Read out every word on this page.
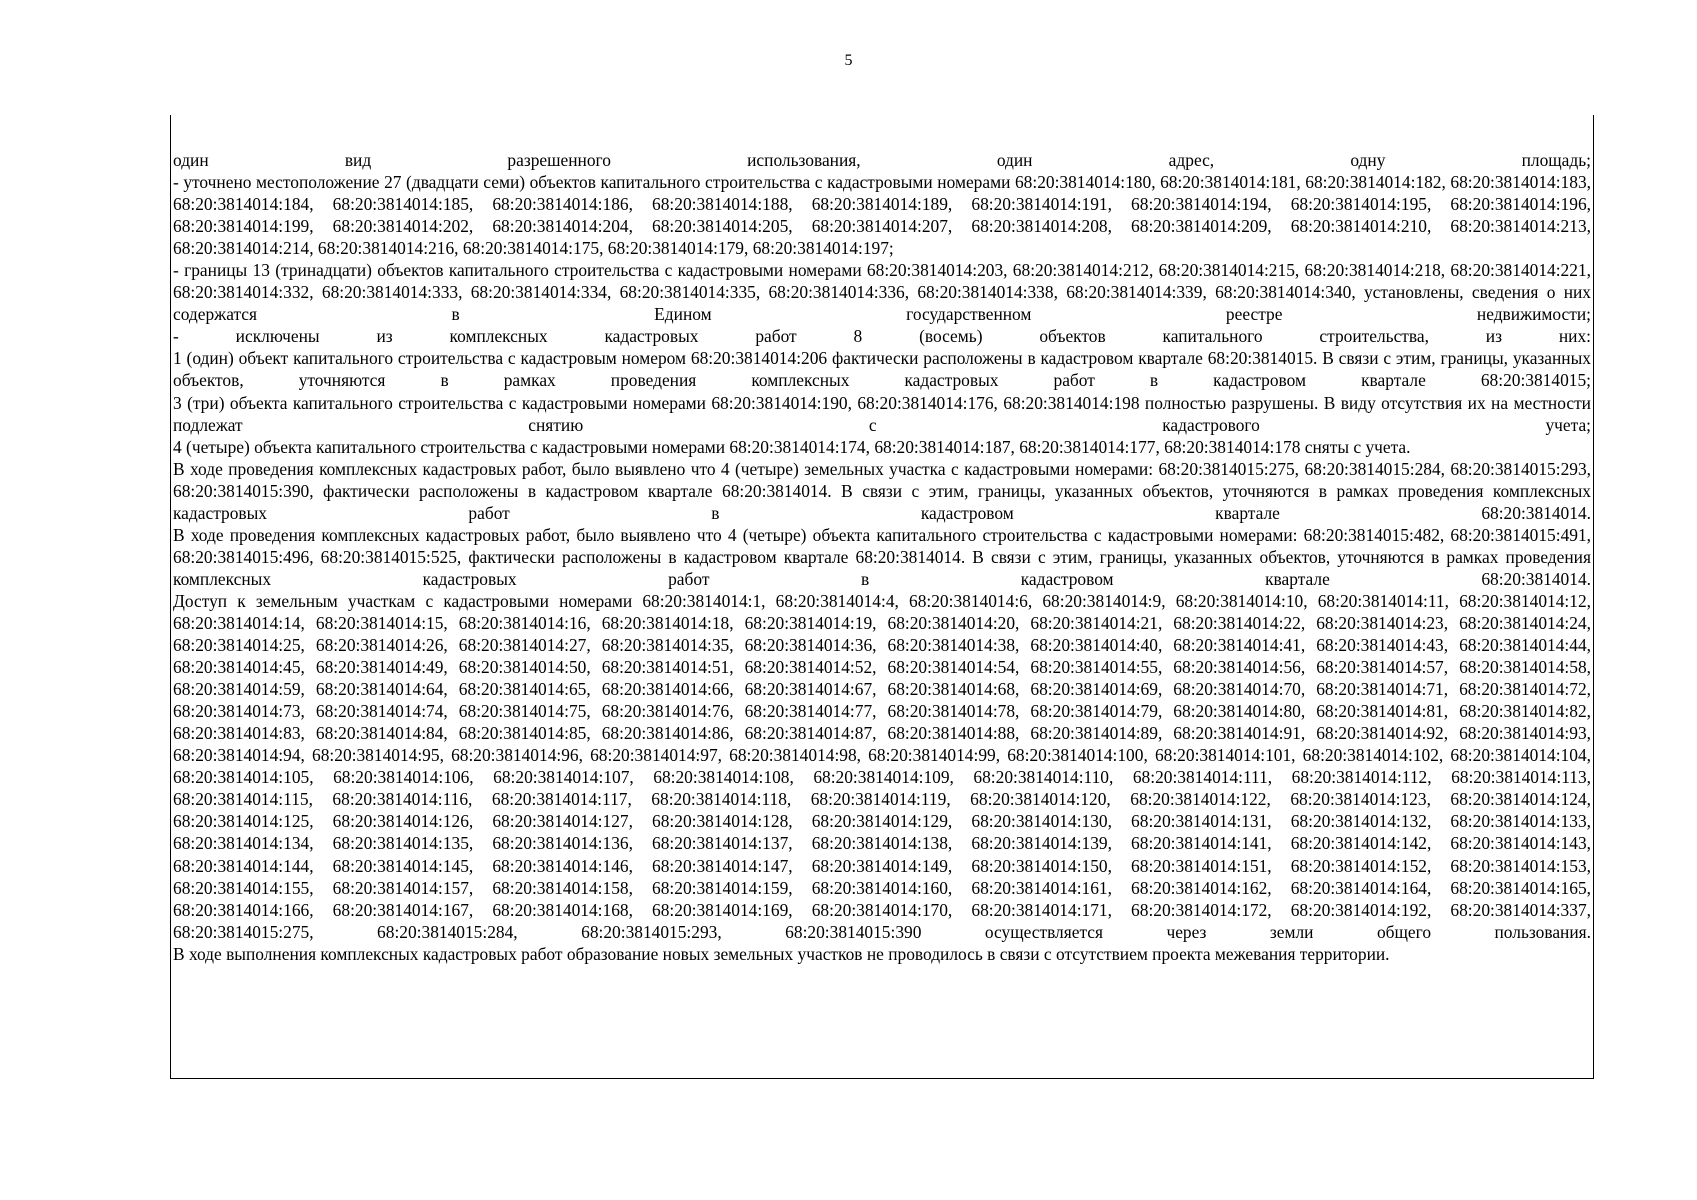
5

один вид разрешенного использования, один адрес, одну площадь;

- уточнено местоположение 27 (двадцати семи) объектов капитального строительства с кадастровыми номерами 68:20:3814014:180, 68:20:3814014:181, 68:20:3814014:182, 68:20:3814014:183, 68:20:3814014:184, 68:20:3814014:185, 68:20:3814014:186, 68:20:3814014:188, 68:20:3814014:189, 68:20:3814014:191, 68:20:3814014:194, 68:20:3814014:195, 68:20:3814014:196, 68:20:3814014:199, 68:20:3814014:202, 68:20:3814014:204, 68:20:3814014:205, 68:20:3814014:207, 68:20:3814014:208, 68:20:3814014:209, 68:20:3814014:210, 68:20:3814014:213, 68:20:3814014:214, 68:20:3814014:216, 68:20:3814014:175, 68:20:3814014:179, 68:20:3814014:197;

- границы 13 (тринадцати) объектов капитального строительства с кадастровыми номерами 68:20:3814014:203, 68:20:3814014:212, 68:20:3814014:215, 68:20:3814014:218, 68:20:3814014:221, 68:20:3814014:332, 68:20:3814014:333, 68:20:3814014:334, 68:20:3814014:335, 68:20:3814014:336, 68:20:3814014:338, 68:20:3814014:339, 68:20:3814014:340, установлены, сведения о них содержатся в Едином государственном реестре недвижимости;

- исключены из комплексных кадастровых работ 8 (восемь) объектов капитального строительства, из них:

1 (один) объект капитального строительства с кадастровым номером 68:20:3814014:206 фактически расположены в кадастровом квартале 68:20:3814015. В связи с этим, границы, указанных объектов, уточняются в рамках проведения комплексных кадастровых работ в кадастровом квартале 68:20:3814015;

3 (три) объекта капитального строительства с кадастровыми номерами 68:20:3814014:190, 68:20:3814014:176, 68:20:3814014:198 полностью разрушены. В виду отсутствия их на местности подлежат снятию с кадастрового учета;

4 (четыре) объекта капитального строительства с кадастровыми номерами 68:20:3814014:174, 68:20:3814014:187, 68:20:3814014:177, 68:20:3814014:178 сняты с учета.

В ходе проведения комплексных кадастровых работ, было выявлено что 4 (четыре) земельных участка с кадастровыми номерами: 68:20:3814015:275, 68:20:3814015:284, 68:20:3814015:293, 68:20:3814015:390, фактически расположены в кадастровом квартале 68:20:3814014. В связи с этим, границы, указанных объектов, уточняются в рамках проведения комплексных кадастровых работ в кадастровом квартале 68:20:3814014.

В ходе проведения комплексных кадастровых работ, было выявлено что 4 (четыре) объекта капитального строительства с кадастровыми номерами: 68:20:3814015:482, 68:20:3814015:491, 68:20:3814015:496, 68:20:3814015:525, фактически расположены в кадастровом квартале 68:20:3814014. В связи с этим, границы, указанных объектов, уточняются в рамках проведения комплексных кадастровых работ в кадастровом квартале 68:20:3814014.

Доступ к земельным участкам с кадастровыми номерами 68:20:3814014:1, 68:20:3814014:4, 68:20:3814014:6, 68:20:3814014:9, 68:20:3814014:10, 68:20:3814014:11, 68:20:3814014:12, 68:20:3814014:14, 68:20:3814014:15, 68:20:3814014:16, 68:20:3814014:18, 68:20:3814014:19, 68:20:3814014:20, 68:20:3814014:21, 68:20:3814014:22, 68:20:3814014:23, 68:20:3814014:24, 68:20:3814014:25, 68:20:3814014:26, 68:20:3814014:27, 68:20:3814014:35, 68:20:3814014:36, 68:20:3814014:38, 68:20:3814014:40, 68:20:3814014:41, 68:20:3814014:43, 68:20:3814014:44, 68:20:3814014:45, 68:20:3814014:49, 68:20:3814014:50, 68:20:3814014:51, 68:20:3814014:52, 68:20:3814014:54, 68:20:3814014:55, 68:20:3814014:56, 68:20:3814014:57, 68:20:3814014:58, 68:20:3814014:59, 68:20:3814014:64, 68:20:3814014:65, 68:20:3814014:66, 68:20:3814014:67, 68:20:3814014:68, 68:20:3814014:69, 68:20:3814014:70, 68:20:3814014:71, 68:20:3814014:72, 68:20:3814014:73, 68:20:3814014:74, 68:20:3814014:75, 68:20:3814014:76, 68:20:3814014:77, 68:20:3814014:78, 68:20:3814014:79, 68:20:3814014:80, 68:20:3814014:81, 68:20:3814014:82, 68:20:3814014:83, 68:20:3814014:84, 68:20:3814014:85, 68:20:3814014:86, 68:20:3814014:87, 68:20:3814014:88, 68:20:3814014:89, 68:20:3814014:91, 68:20:3814014:92, 68:20:3814014:93, 68:20:3814014:94, 68:20:3814014:95, 68:20:3814014:96, 68:20:3814014:97, 68:20:3814014:98, 68:20:3814014:99, 68:20:3814014:100, 68:20:3814014:101, 68:20:3814014:102, 68:20:3814014:104, 68:20:3814014:105, 68:20:3814014:106, 68:20:3814014:107, 68:20:3814014:108, 68:20:3814014:109, 68:20:3814014:110, 68:20:3814014:111, 68:20:3814014:112, 68:20:3814014:113, 68:20:3814014:115, 68:20:3814014:116, 68:20:3814014:117, 68:20:3814014:118, 68:20:3814014:119, 68:20:3814014:120, 68:20:3814014:122, 68:20:3814014:123, 68:20:3814014:124, 68:20:3814014:125, 68:20:3814014:126, 68:20:3814014:127, 68:20:3814014:128, 68:20:3814014:129, 68:20:3814014:130, 68:20:3814014:131, 68:20:3814014:132, 68:20:3814014:133, 68:20:3814014:134, 68:20:3814014:135, 68:20:3814014:136, 68:20:3814014:137, 68:20:3814014:138, 68:20:3814014:139, 68:20:3814014:141, 68:20:3814014:142, 68:20:3814014:143, 68:20:3814014:144, 68:20:3814014:145, 68:20:3814014:146, 68:20:3814014:147, 68:20:3814014:149, 68:20:3814014:150, 68:20:3814014:151, 68:20:3814014:152, 68:20:3814014:153, 68:20:3814014:155, 68:20:3814014:157, 68:20:3814014:158, 68:20:3814014:159, 68:20:3814014:160, 68:20:3814014:161, 68:20:3814014:162, 68:20:3814014:164, 68:20:3814014:165, 68:20:3814014:166, 68:20:3814014:167, 68:20:3814014:168, 68:20:3814014:169, 68:20:3814014:170, 68:20:3814014:171, 68:20:3814014:172, 68:20:3814014:192, 68:20:3814014:337, 68:20:3814015:275, 68:20:3814015:284, 68:20:3814015:293, 68:20:3814015:390 осуществляется через земли общего пользования.

В ходе выполнения комплексных кадастровых работ образование новых земельных участков не проводилось в связи с отсутствием проекта межевания территории.
